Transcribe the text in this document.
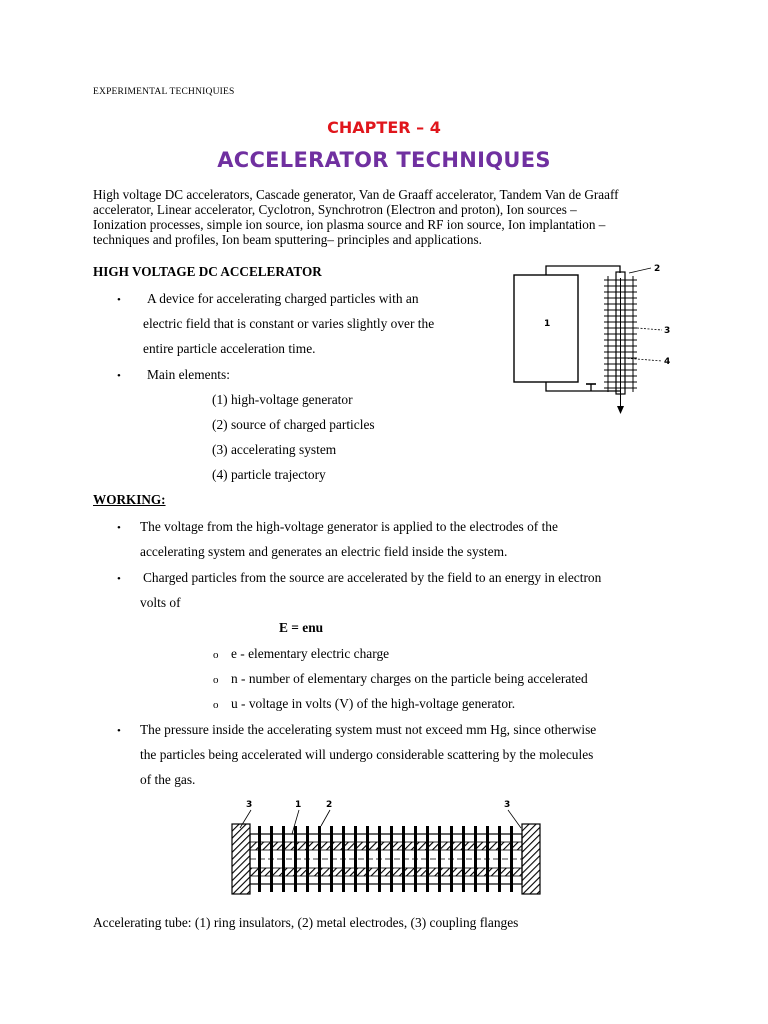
EXPERIMENTAL TECHNIQUIES
CHAPTER – 4
ACCELERATOR TECHNIQUES
High voltage DC accelerators, Cascade generator, Van de Graaff accelerator, Tandem Van de Graaff
accelerator, Linear accelerator, Cyclotron, Synchrotron (Electron and proton), Ion sources –
Ionization processes, simple ion source, ion plasma source and RF ion source, Ion implantation –
techniques and profiles, Ion beam sputtering– principles and applications.
HIGH VOLTAGE DC ACCELERATOR
• A device for accelerating charged particles with an
electric field that is constant or varies slightly over the
entire particle acceleration time.
• Main elements:
(1) high-voltage generator
(2) source of charged particles
(3) accelerating system
(4) particle trajectory
1
2
3
4
WORKING:
• The voltage from the high-voltage generator is applied to the electrodes of the
accelerating system and generates an electric field inside the system.
• Charged particles from the source are accelerated by the field to an energy in electron
volts of
E = enu
o e - elementary electric charge
o n - number of elementary charges on the particle being accelerated
o u - voltage in volts (V) of the high-voltage generator.
• The pressure inside the accelerating system must not exceed mm Hg, since otherwise
the particles being accelerated will undergo considerable scattering by the molecules
of the gas.
3	1	2	3
Accelerating tube: (1) ring insulators, (2) metal electrodes, (3) coupling flanges
